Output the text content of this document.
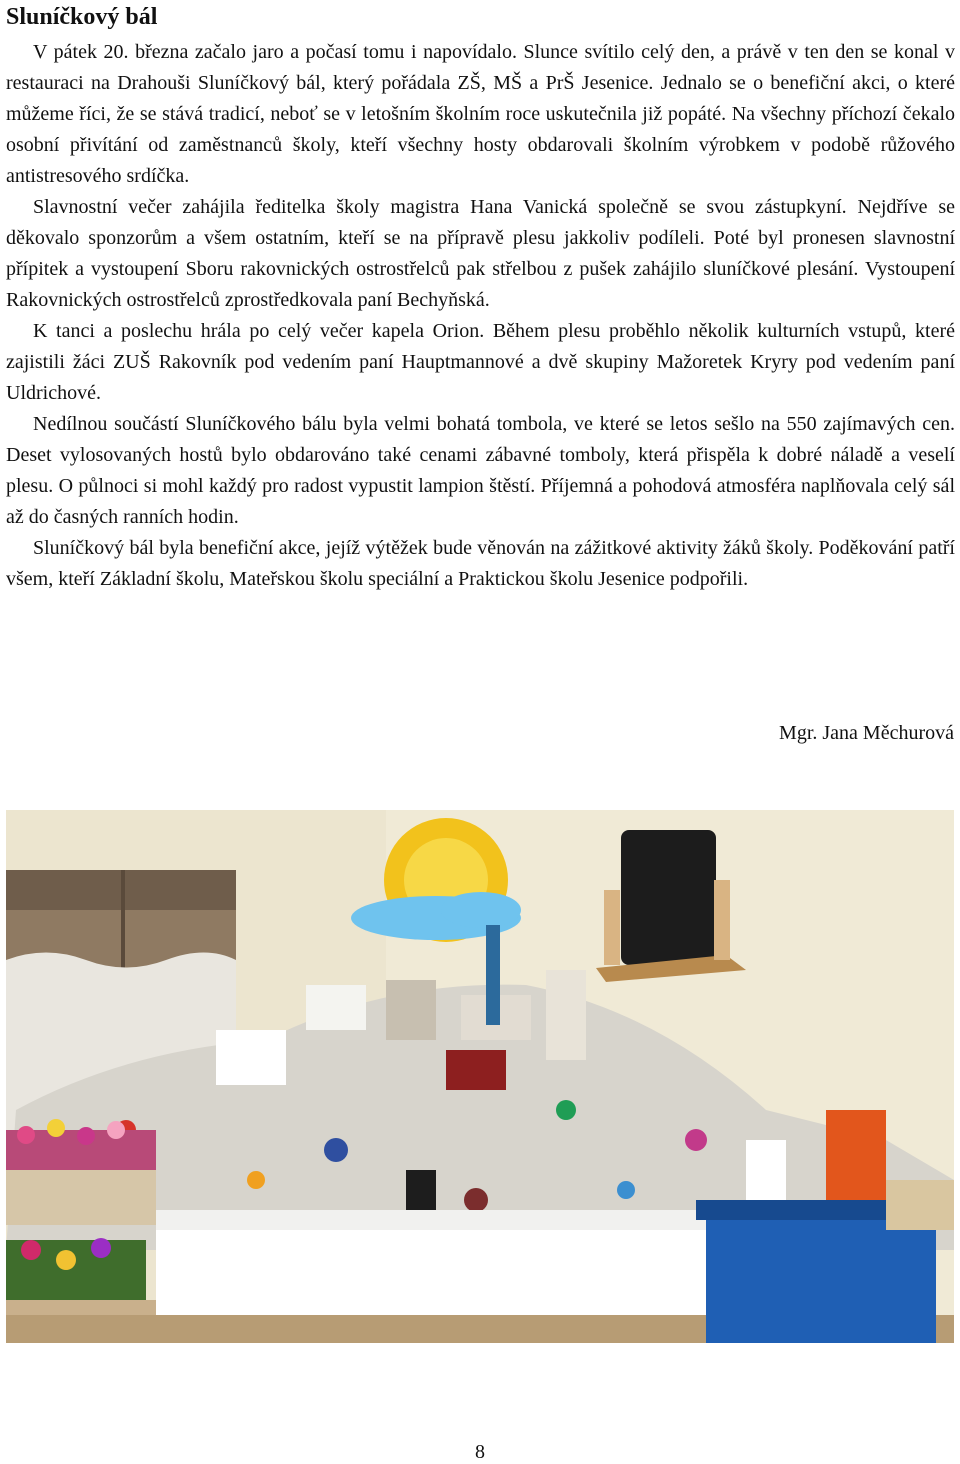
Sluníčkový bál

V pátek 20. března začalo jaro a počasí tomu i napovídalo. Slunce svítilo celý den, a právě v ten den se konal v restauraci na Drahouši Sluníčkový bál, který pořádala ZŠ, MŠ a PrŠ Jesenice. Jednalo se o benefiční akci, o které můžeme říci, že se stává tradicí, neboť se v letošním školním roce uskutečnila již popáté. Na všechny příchozí čekalo osobní přivítání od zaměstnanců školy, kteří všechny hosty obdarovali školním výrobkem v podobě růžového antistresového srdíčka.

Slavnostní večer zahájila ředitelka školy magistra Hana Vanická společně se svou zástupkyní. Nejdříve se děkovalo sponzorům a všem ostatním, kteří se na přípravě plesu jakkoliv podíleli. Poté byl pronesen slavnostní přípitek a vystoupení Sboru rakovnických ostrostřelců pak střelbou z pušek zahájilo sluníčkové plesání. Vystoupení Rakovnických ostrostřelců zprostředkovala paní Bechyňská.

K tanci a poslechu hrála po celý večer kapela Orion. Během plesu proběhlo několik kulturních vstupů, které zajistili žáci ZUŠ Rakovník pod vedením paní Hauptmannové a dvě skupiny Mažoretek Kryry pod vedením paní Uldrichové.

Nedílnou součástí Sluníčkového bálu byla velmi bohatá tombola, ve které se letos sešlo na 550 zajímavých cen. Deset vylosovaných hostů bylo obdarováno také cenami zábavné tomboly, která přispěla k dobré náladě a veselí plesu. O půlnoci si mohl každý pro radost vypustit lampion štěstí. Příjemná a pohodová atmosféra naplňovala celý sál až do časných ranních hodin.

Sluníčkový bál byla benefiční akce, jejíž výtěžek bude věnován na zážitkové aktivity žáků školy. Poděkování patří všem, kteří Základní školu, Mateřskou školu speciální a Praktickou školu Jesenice podpořili.

Mgr. Jana Měchurová
8
